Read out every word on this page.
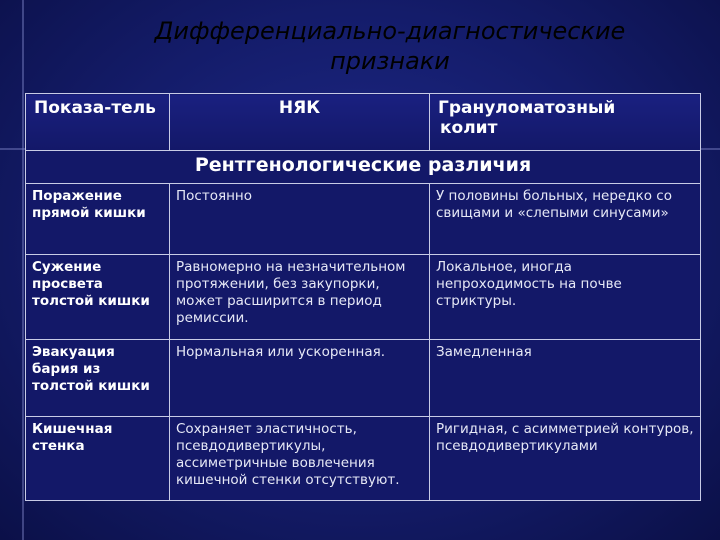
Дифференциально-диагностические
признаки
Показа-тель	НЯК	Грануломатозный
колит

Рентгенологические различия		
Поражение прямой кишки	Постоянно	У половины больных, нередко со свищами и «слепыми синусами»
Сужение просвета толстой кишки	Равномерно на незначительном протяжении, без закупорки, может расширится в период ремиссии.	Локальное, иногда непроходимость на почве стриктуры.
Эвакуация бария из толстой кишки	Нормальная или ускоренная.	Замедленная
Кишечная стенка	Сохраняет эластичность, псевдодивертикулы, ассиметричные вовлечения кишечной стенки отсутствуют.	Ригидная, с асимметрией контуров, псевдодивертикулами
